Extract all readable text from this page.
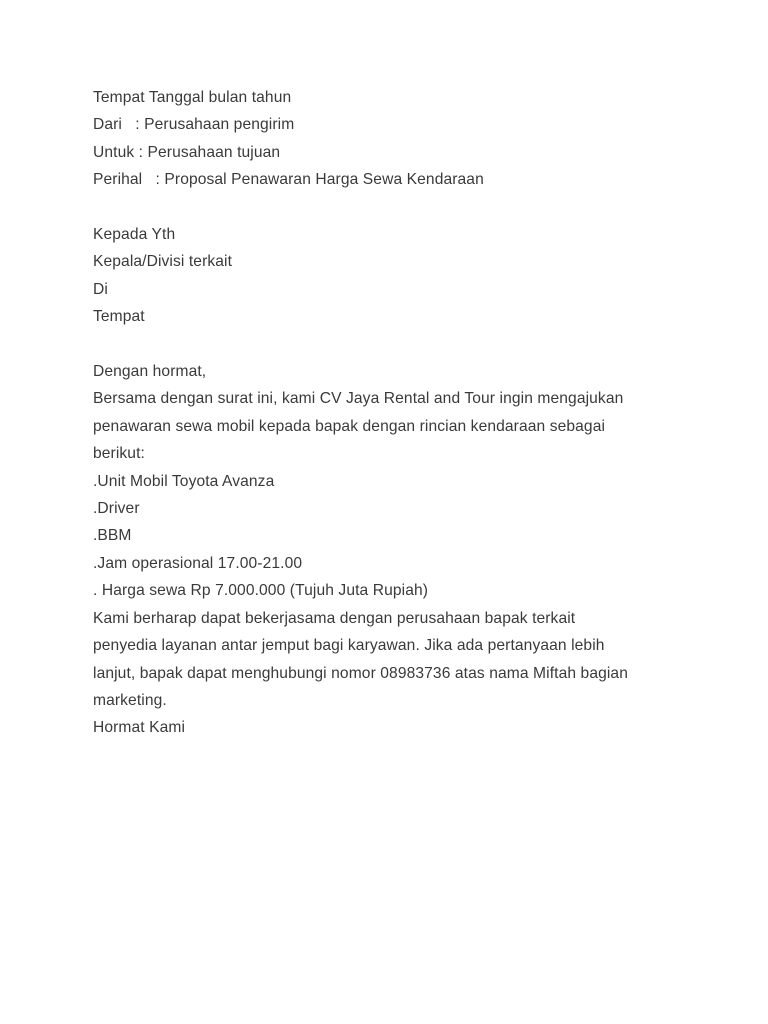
Tempat Tanggal bulan tahun
Dari   : Perusahaan pengirim
Untuk : Perusahaan tujuan
Perihal   : Proposal Penawaran Harga Sewa Kendaraan
Kepada Yth
Kepala/Divisi terkait
Di
Tempat
Dengan hormat,
Bersama dengan surat ini, kami CV Jaya Rental and Tour ingin mengajukan
penawaran sewa mobil kepada bapak dengan rincian kendaraan sebagai
berikut:
.Unit Mobil Toyota Avanza
.Driver
.BBM
.Jam operasional 17.00-21.00
. Harga sewa Rp 7.000.000 (Tujuh Juta Rupiah)
Kami berharap dapat bekerjasama dengan perusahaan bapak terkait
penyedia layanan antar jemput bagi karyawan. Jika ada pertanyaan lebih
lanjut, bapak dapat menghubungi nomor 08983736 atas nama Miftah bagian
marketing.
Hormat Kami
